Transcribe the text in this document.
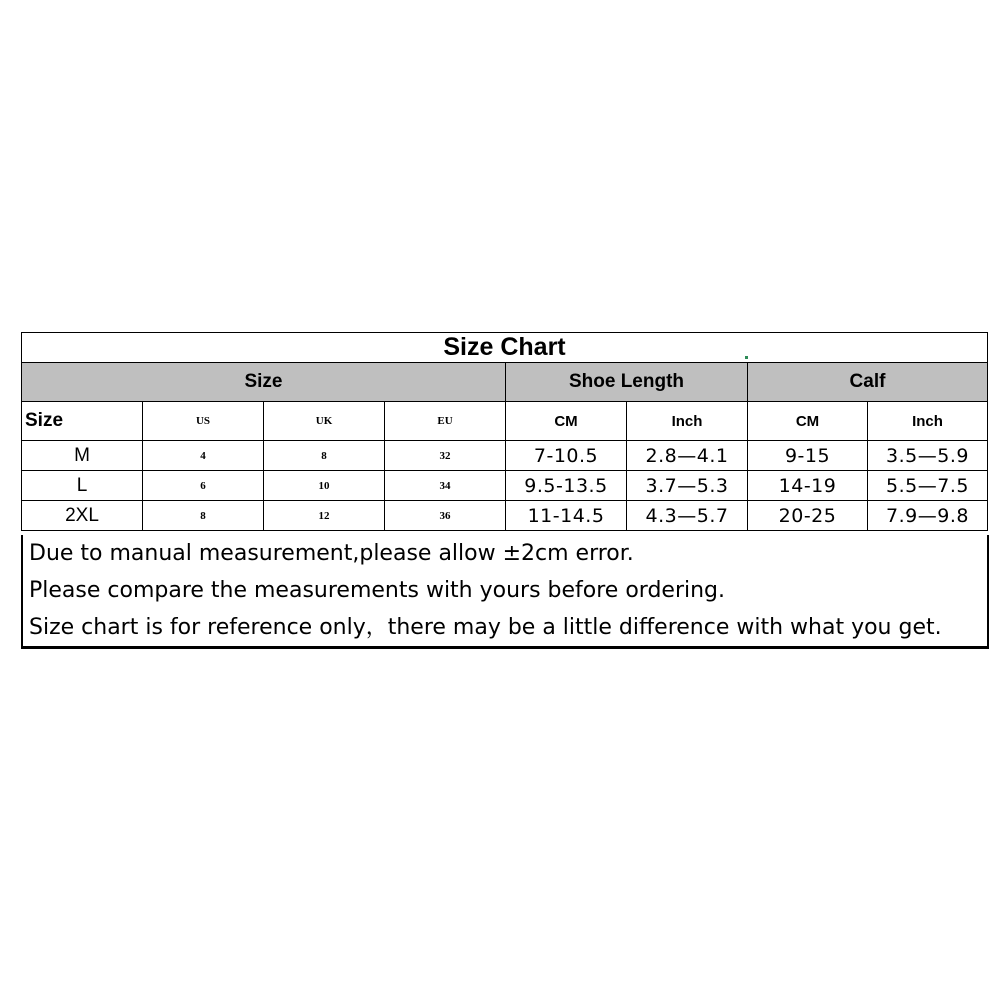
Size Chart							
Size				Shoe Length		Calf	
Size	US	UK	EU	CM	Inch	CM	Inch
M	4	8	32	7-10.5	2.8—4.1	9-15	3.5—5.9
L	6	10	34	9.5-13.5	3.7—5.3	14-19	5.5—7.5
2XL	8	12	36	11-14.5	4.3—5.7	20-25	7.9—9.8
Due to manual measurement,please allow ±2cm error.
Please compare the measurements with yours before ordering.
Size chart is for reference only，there may be a little difference with what you get.
